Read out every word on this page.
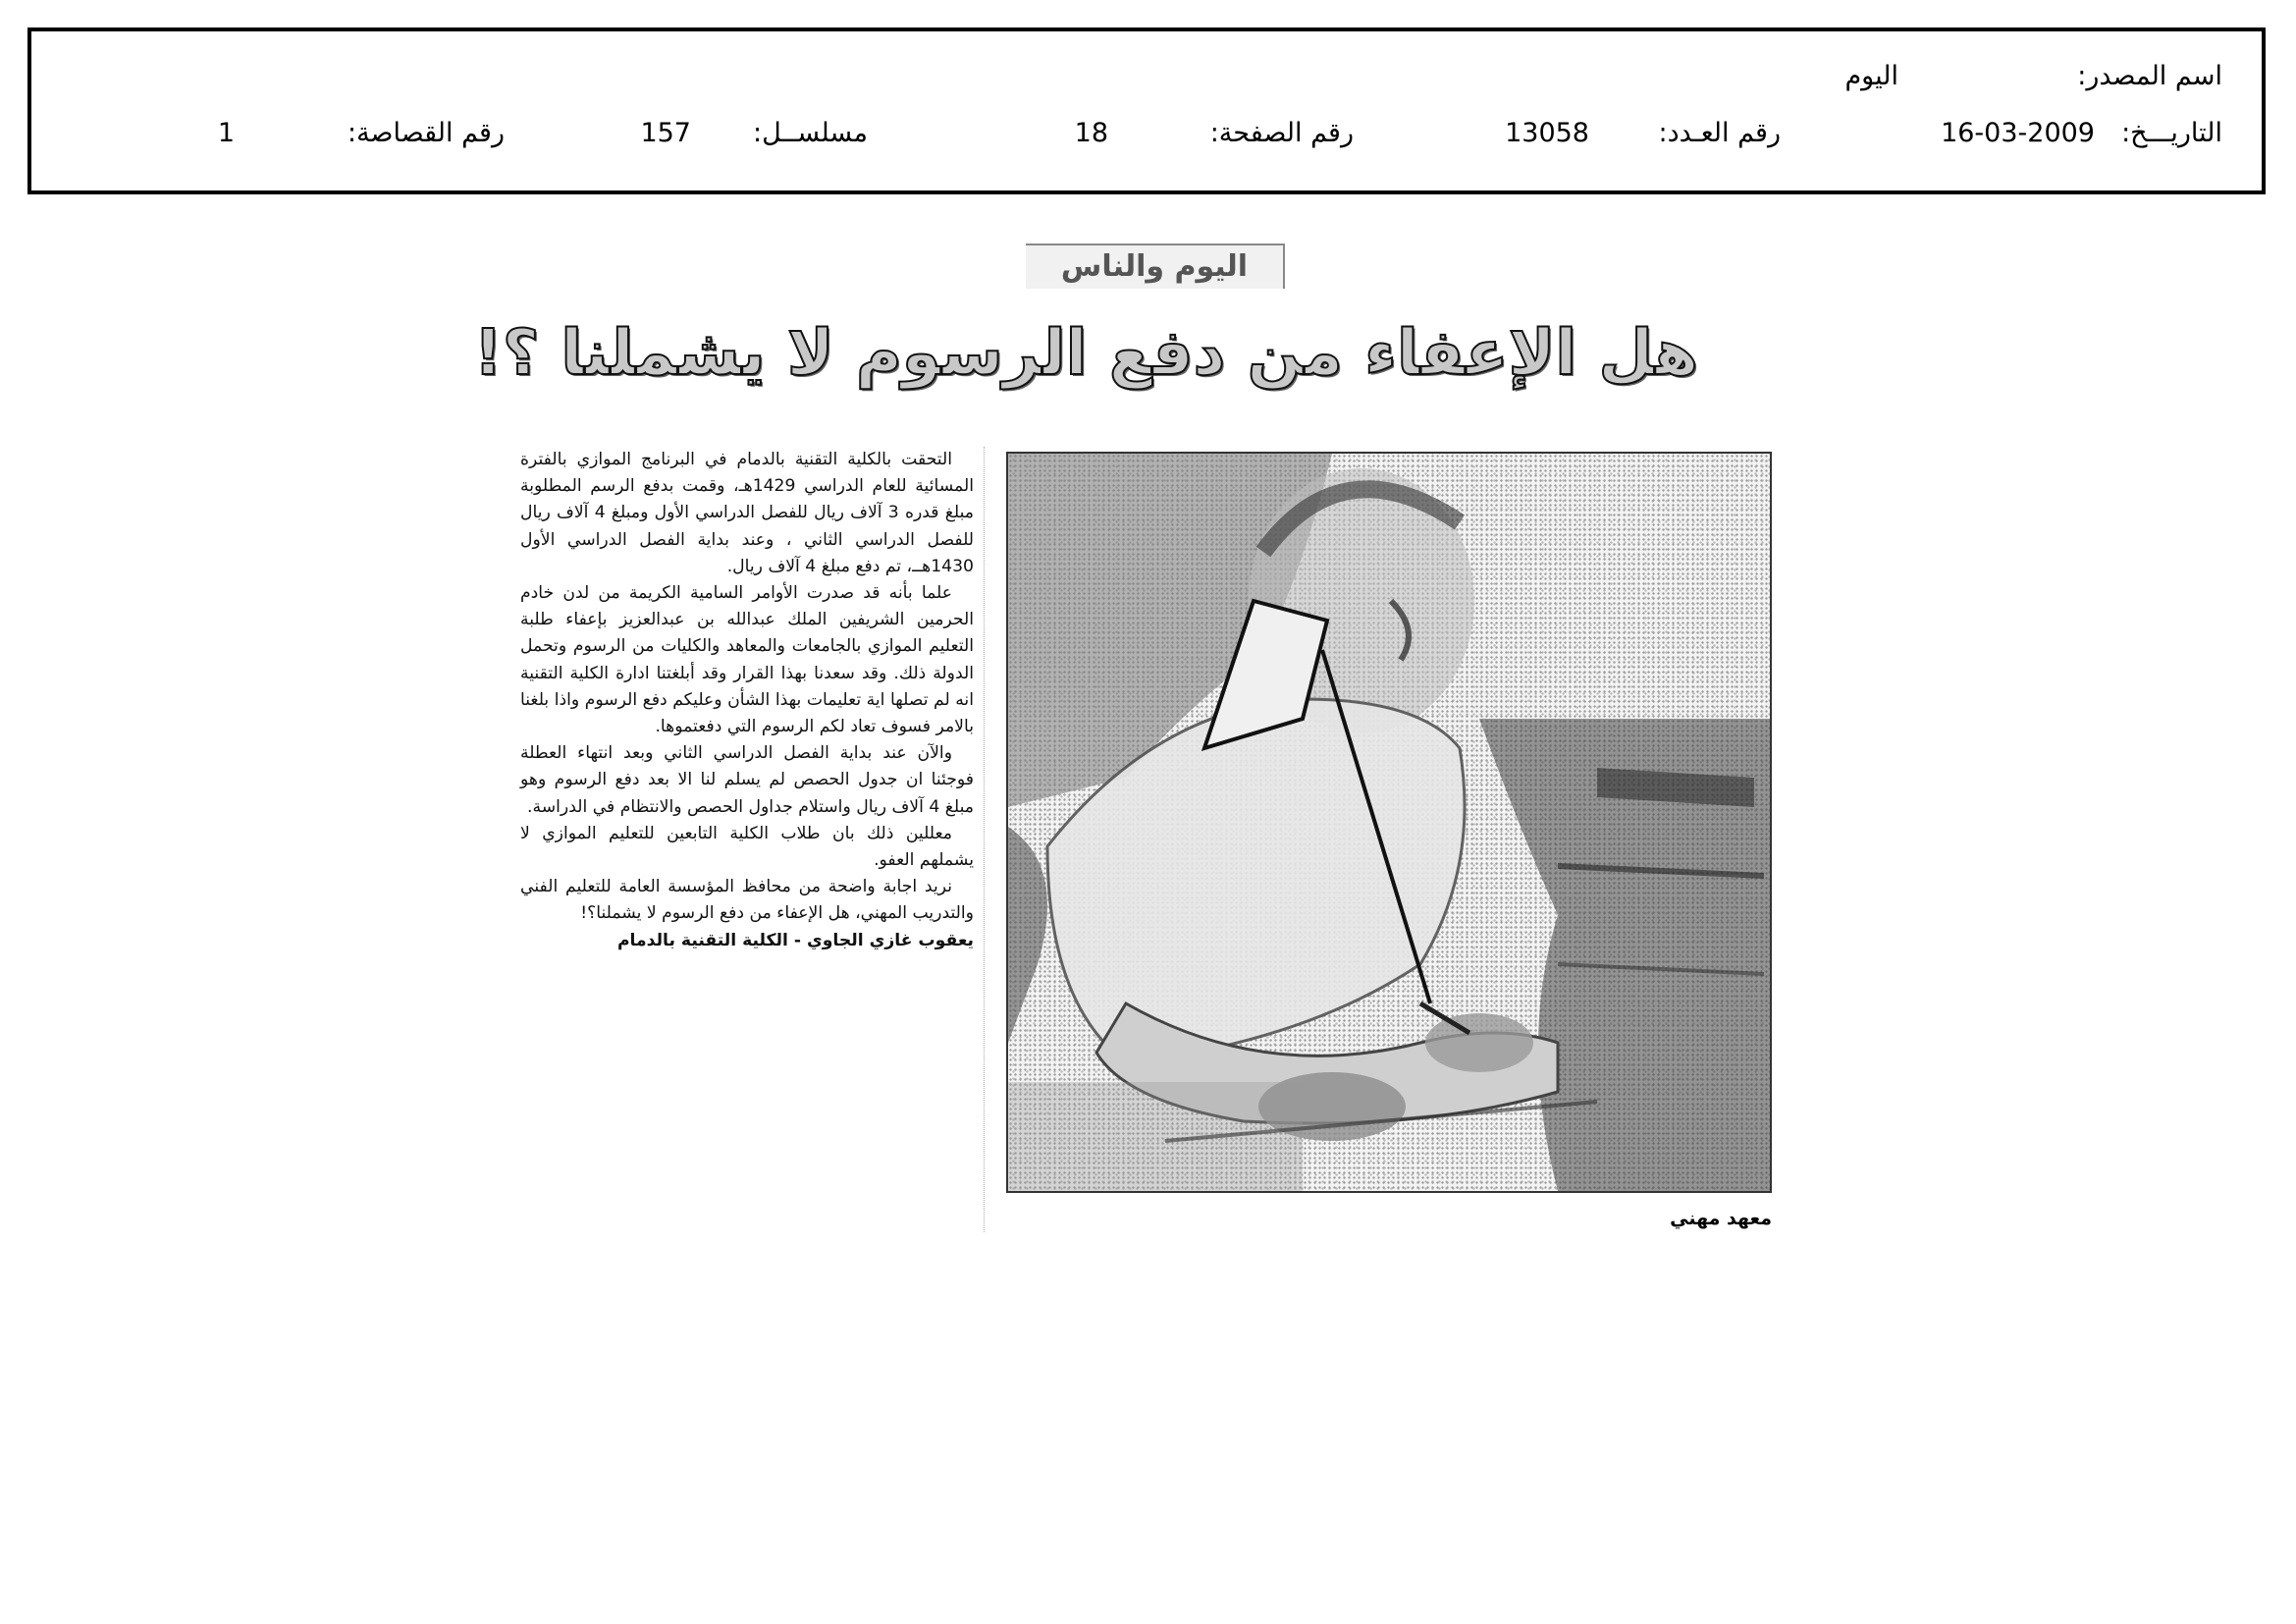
اسم المصدر:
اليوم
التاريـــخ:
16-03-2009
رقم العـدد:
13058
رقم الصفحة:
18
مسلســل:
157
رقم القصاصة:
1
اليوم والناس
هل الإعفاء من دفع الرسوم لا يشملنا ؟!

التحقت بالكلية التقنية بالدمام في البرنامج الموازي بالفترة المسائية للعام الدراسي 1429هـ، وقمت بدفع الرسم المطلوبة مبلغ قدره 3 آلاف ريال للفصل الدراسي الأول ومبلغ 4 آلاف ريال للفصل الدراسي الثاني ، وعند بداية الفصل الدراسي الأول 1430هــ، تم دفع مبلغ 4 آلاف ريال.

علما بأنه قد صدرت الأوامر السامية الكريمة من لدن خادم الحرمين الشريفين الملك عبدالله بن عبدالعزيز بإعفاء طلبة التعليم الموازي بالجامعات والمعاهد والكليات من الرسوم وتحمل الدولة ذلك. وقد سعدنا بهذا القرار وقد أبلغتنا ادارة الكلية التقنية انه لم تصلها اية تعليمات بهذا الشأن وعليكم دفع الرسوم واذا بلغنا بالامر فسوف تعاد لكم الرسوم التي دفعتموها.

والآن عند بداية الفصل الدراسي الثاني وبعد انتهاء العطلة فوجئنا ان جدول الحصص لم يسلم لنا الا بعد دفع الرسوم وهو مبلغ 4 آلاف ريال واستلام جداول الحصص والانتظام في الدراسة.

معللين ذلك بان طلاب الكلية التابعين للتعليم الموازي لا يشملهم العفو.

نريد اجابة واضحة من محافظ المؤسسة العامة للتعليم الفني والتدريب المهني، هل الإعفاء من دفع الرسوم لا يشملنا؟!

يعقوب غازي الجاوي - الكلية التقنية بالدمام

معهد مهني
